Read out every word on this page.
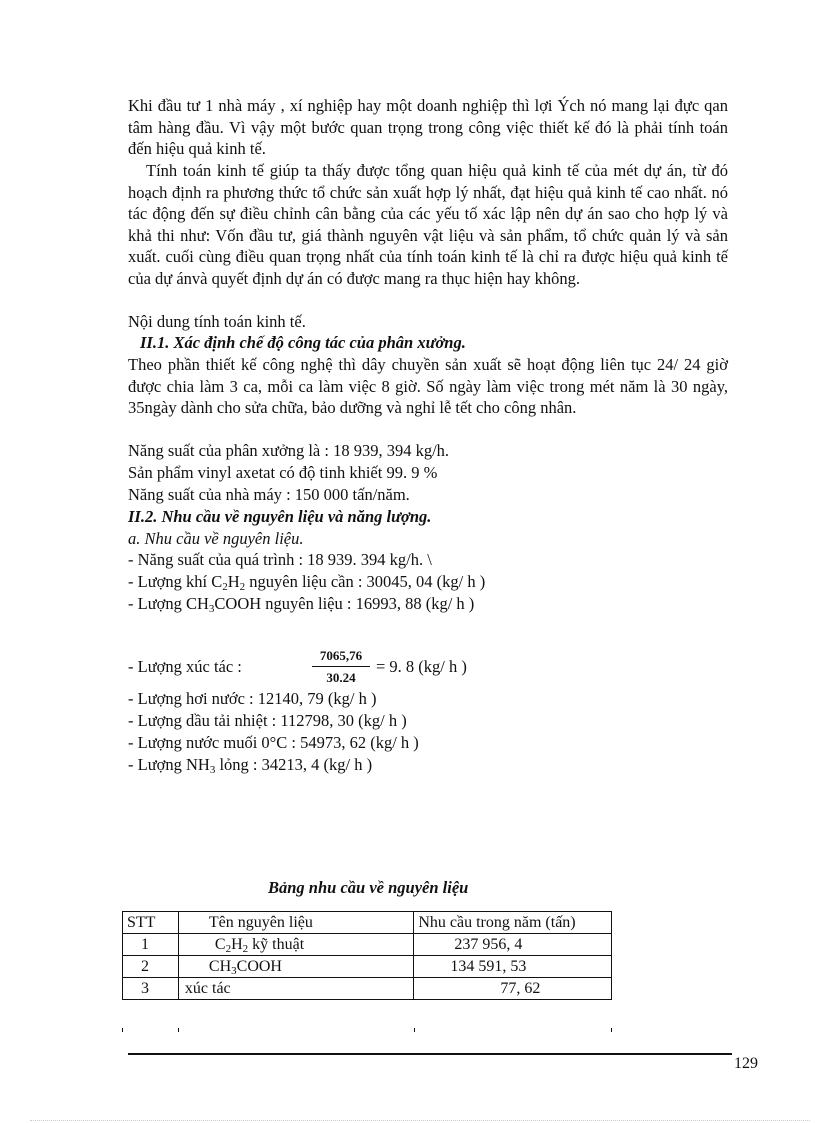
Khi đầu tư 1 nhà máy , xí nghiệp hay một doanh nghiệp thì lợi Ých nó mang lại đực qan tâm hàng đầu. Vì vậy một bước quan trọng trong công việc thiết kế đó là phải tính toán đến hiệu quả kinh tế.
Tính toán kinh tế giúp ta thấy được tổng quan hiệu quả kinh tế của mét dự án, từ đó hoạch định ra phương thức tổ chức sản xuất hợp lý nhất, đạt hiệu quả kinh tế cao nhất. nó tác động đến sự điều chỉnh cân bằng của các yếu tố xác lập nên dự án sao cho hợp lý và khả thi như: Vốn đầu tư, giá thành nguyên vật liệu và sản phẩm, tổ chức quản lý và sản xuất. cuối cùng điều quan trọng nhất của tính toán kinh tế là chỉ ra được hiệu quả kinh tế của dự ánvà quyết định dự án có được mang ra thục hiện hay không.
Nội dung tính toán kinh tế.
II.1. Xác định chế độ công tác của phân xưởng.
Theo phần thiết kế công nghệ thì dây chuyền sản xuất sẽ hoạt động liên tục 24/ 24 giờ được chia làm 3 ca, mỗi ca làm việc 8 giờ. Số ngày làm việc trong mét năm là 30 ngày, 35ngày dành cho sửa chữa, bảo dưỡng và nghỉ lễ tết cho công nhân.
Năng suất của phân xưởng là : 18 939, 394 kg/h.
Sản phẩm vinyl axetat có độ tinh khiết 99. 9 %
Năng suất của nhà máy : 150 000 tấn/năm.
II.2. Nhu cầu về nguyên liệu và năng lượng.
a. Nhu cầu về nguyên liệu.
- Năng suất của quá trình : 18 939. 394 kg/h. \
- Lượng khí $C_2H_2$ nguyên liệu cần : 30045, 04 (kg/ h )
- Lượng $CH_3COOH$ nguyên liệu : 16993, 88 (kg/ h )
- Lượng xúc tác :	$\frac{7065,76}{30.24} = 9$. 8 (kg/ h )
- Lượng hơi nước : 12140, 79 (kg/ h )
- Lượng dầu tải nhiệt : 112798, 30 (kg/ h )
- Lượng nước muối 0°C : 54973, 62 (kg/ h )
- Lượng $NH_3$ lỏng : 34213, 4 (kg/ h )
Bảng nhu cầu về nguyên liệu
STT	Tên nguyên liệu	Nhu cầu trong năm (tấn)
1	$C_2H_2$ kỹ thuật	237 956, 4
2	$CH_3COOH$	134 591, 53
3	xúc tác	77, 62
129
